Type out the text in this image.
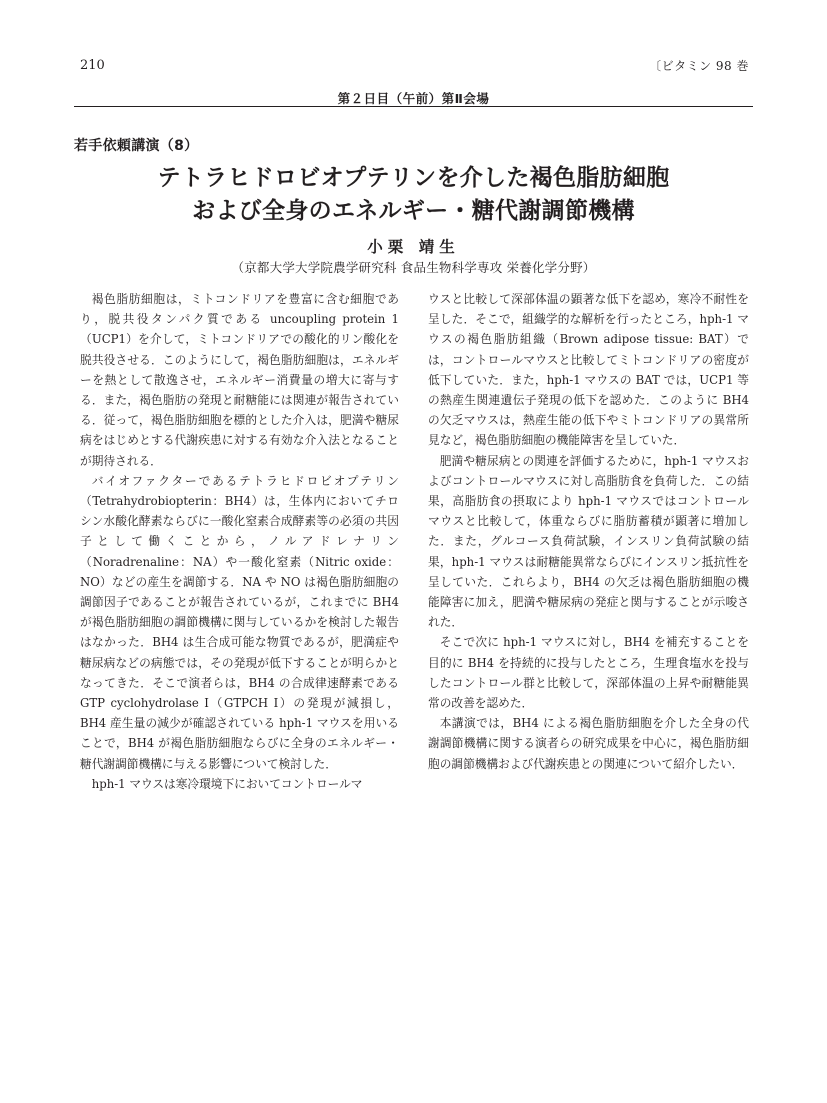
210	〔ビタミン 98 巻
第２日目（午前）第Ⅱ会場
若手依頼講演（8）
テトラヒドロビオプテリンを介した褐色脂肪細胞
および全身のエネルギー・糖代謝調節機構
小栗 靖生
（京都大学大学院農学研究科 食品生物科学専攻 栄養化学分野）

褐色脂肪細胞は，ミトコンドリアを豊富に含む細胞であり，脱共役タンパク質である uncoupling protein 1（UCP1）を介して，ミトコンドリアでの酸化的リン酸化を脱共役させる．このようにして，褐色脂肪細胞は，エネルギーを熱として散逸させ，エネルギー消費量の増大に寄与する．また，褐色脂肪の発現と耐糖能には関連が報告されている．従って，褐色脂肪細胞を標的とした介入は，肥満や糖尿病をはじめとする代謝疾患に対する有効な介入法となることが期待される．

バイオファクターであるテトラヒドロビオプテリン（Tetrahydrobiopterin：BH4）は，生体内においてチロシン水酸化酵素ならびに一酸化窒素合成酵素等の必須の共因子として働くことから，ノルアドレナリン（Noradrenaline：NA）や一酸化窒素（Nitric oxide：NO）などの産生を調節する．NA や NO は褐色脂肪細胞の調節因子であることが報告されているが，これまでに BH4 が褐色脂肪細胞の調節機構に関与しているかを検討した報告はなかった．BH4 は生合成可能な物質であるが，肥満症や糖尿病などの病態では，その発現が低下することが明らかとなってきた．そこで演者らは，BH4 の合成律速酵素である GTP cyclohydrolase I（GTPCH I）の発現が減損し，BH4 産生量の減少が確認されている hph-1 マウスを用いることで，BH4 が褐色脂肪細胞ならびに全身のエネルギー・糖代謝調節機構に与える影響について検討した．

hph-1 マウスは寒冷環境下においてコントロールマ

ウスと比較して深部体温の顕著な低下を認め，寒冷不耐性を呈した．そこで，組織学的な解析を行ったところ，hph-1 マウスの褐色脂肪組織（Brown adipose tissue: BAT）では，コントロールマウスと比較してミトコンドリアの密度が低下していた．また，hph-1 マウスの BAT では，UCP1 等の熱産生関連遺伝子発現の低下を認めた．このように BH4 の欠乏マウスは，熱産生能の低下やミトコンドリアの異常所見など，褐色脂肪細胞の機能障害を呈していた．

肥満や糖尿病との関連を評価するために，hph-1 マウスおよびコントロールマウスに対し高脂肪食を負荷した．この結果，高脂肪食の摂取により hph-1 マウスではコントロールマウスと比較して，体重ならびに脂肪蓄積が顕著に増加した．また，グルコース負荷試験，インスリン負荷試験の結果，hph-1 マウスは耐糖能異常ならびにインスリン抵抗性を呈していた．これらより，BH4 の欠乏は褐色脂肪細胞の機能障害に加え，肥満や糖尿病の発症と関与することが示唆された．

そこで次に hph-1 マウスに対し，BH4 を補充することを目的に BH4 を持続的に投与したところ，生理食塩水を投与したコントロール群と比較して，深部体温の上昇や耐糖能異常の改善を認めた．

本講演では，BH4 による褐色脂肪細胞を介した全身の代謝調節機構に関する演者らの研究成果を中心に，褐色脂肪細胞の調節機構および代謝疾患との関連について紹介したい．
